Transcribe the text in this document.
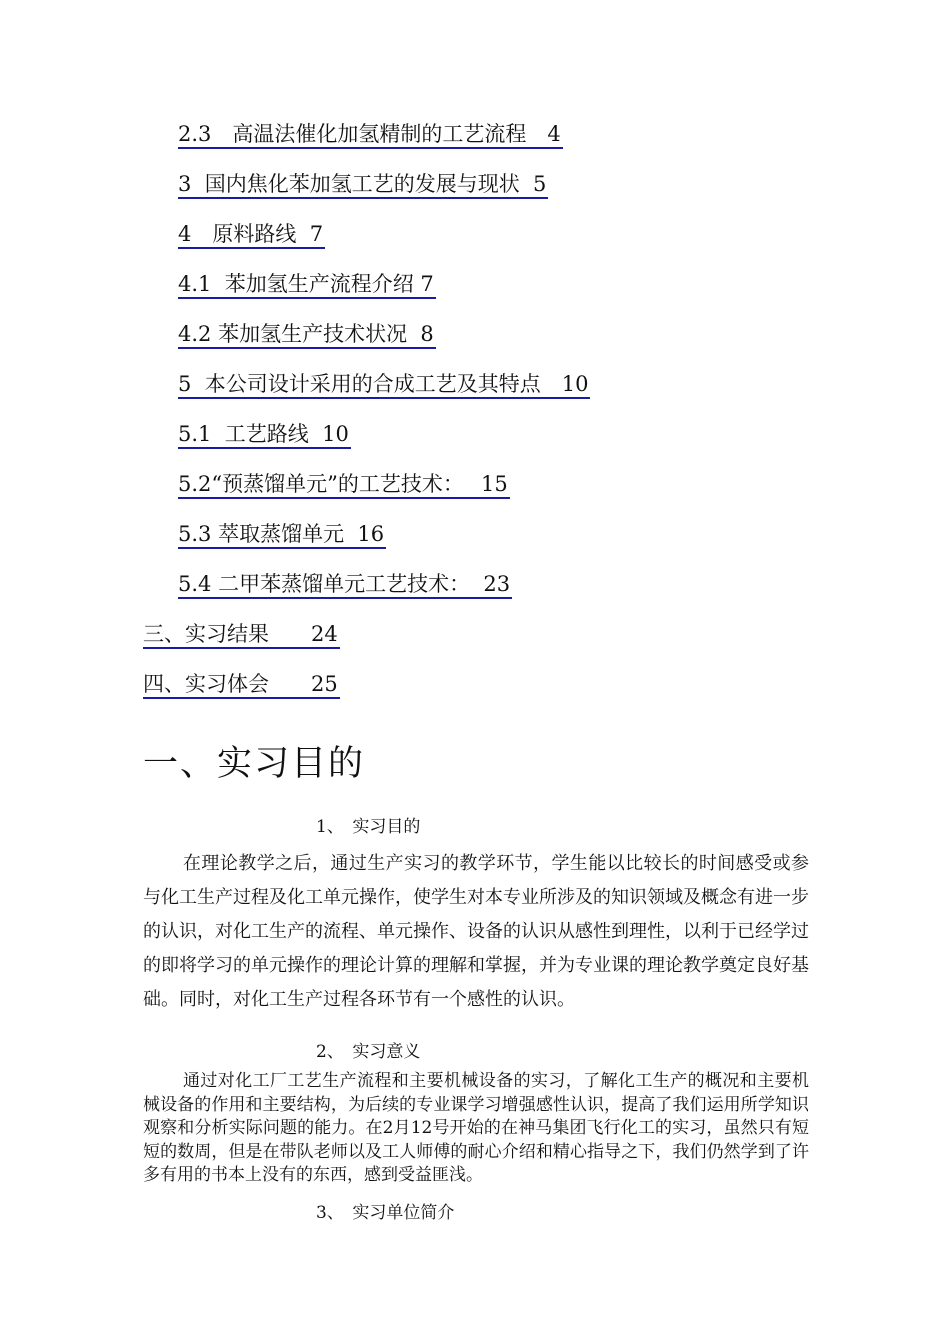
2.3　高温法催化加氢精制的工艺流程　4
3  国内焦化苯加氢工艺的发展与现状  5
4　原料路线  7
4.1  苯加氢生产流程介绍 7
4.2 苯加氢生产技术状况  8
5  本公司设计采用的合成工艺及其特点　10
5.1  工艺路线  10
5.2“预蒸馏单元”的工艺技术：　 15
5.3 萃取蒸馏单元  16
5.4 二甲苯蒸馏单元工艺技术：  23
三、实习结果　　24
四、实习体会　　25
一、实习目的
1、　实习目的

在理论教学之后，通过生产实习的教学环节，学生能以比较长的时间感受或参与化工生产过程及化工单元操作，使学生对本专业所涉及的知识领域及概念有进一步的认识，对化工生产的流程、单元操作、设备的认识从感性到理性，以利于已经学过的即将学习的单元操作的理论计算的理解和掌握，并为专业课的理论教学奠定良好基础。同时，对化工生产过程各环节有一个感性的认识。

2、　实习意义

通过对化工厂工艺生产流程和主要机械设备的实习，了解化工生产的概况和主要机械设备的作用和主要结构，为后续的专业课学习增强感性认识，提高了我们运用所学知识观察和分析实际问题的能力。在2月12号开始的在神马集团飞行化工的实习，虽然只有短短的数周，但是在带队老师以及工人师傅的耐心介绍和精心指导之下，我们仍然学到了许多有用的书本上没有的东西，感到受益匪浅。

3、　实习单位简介
